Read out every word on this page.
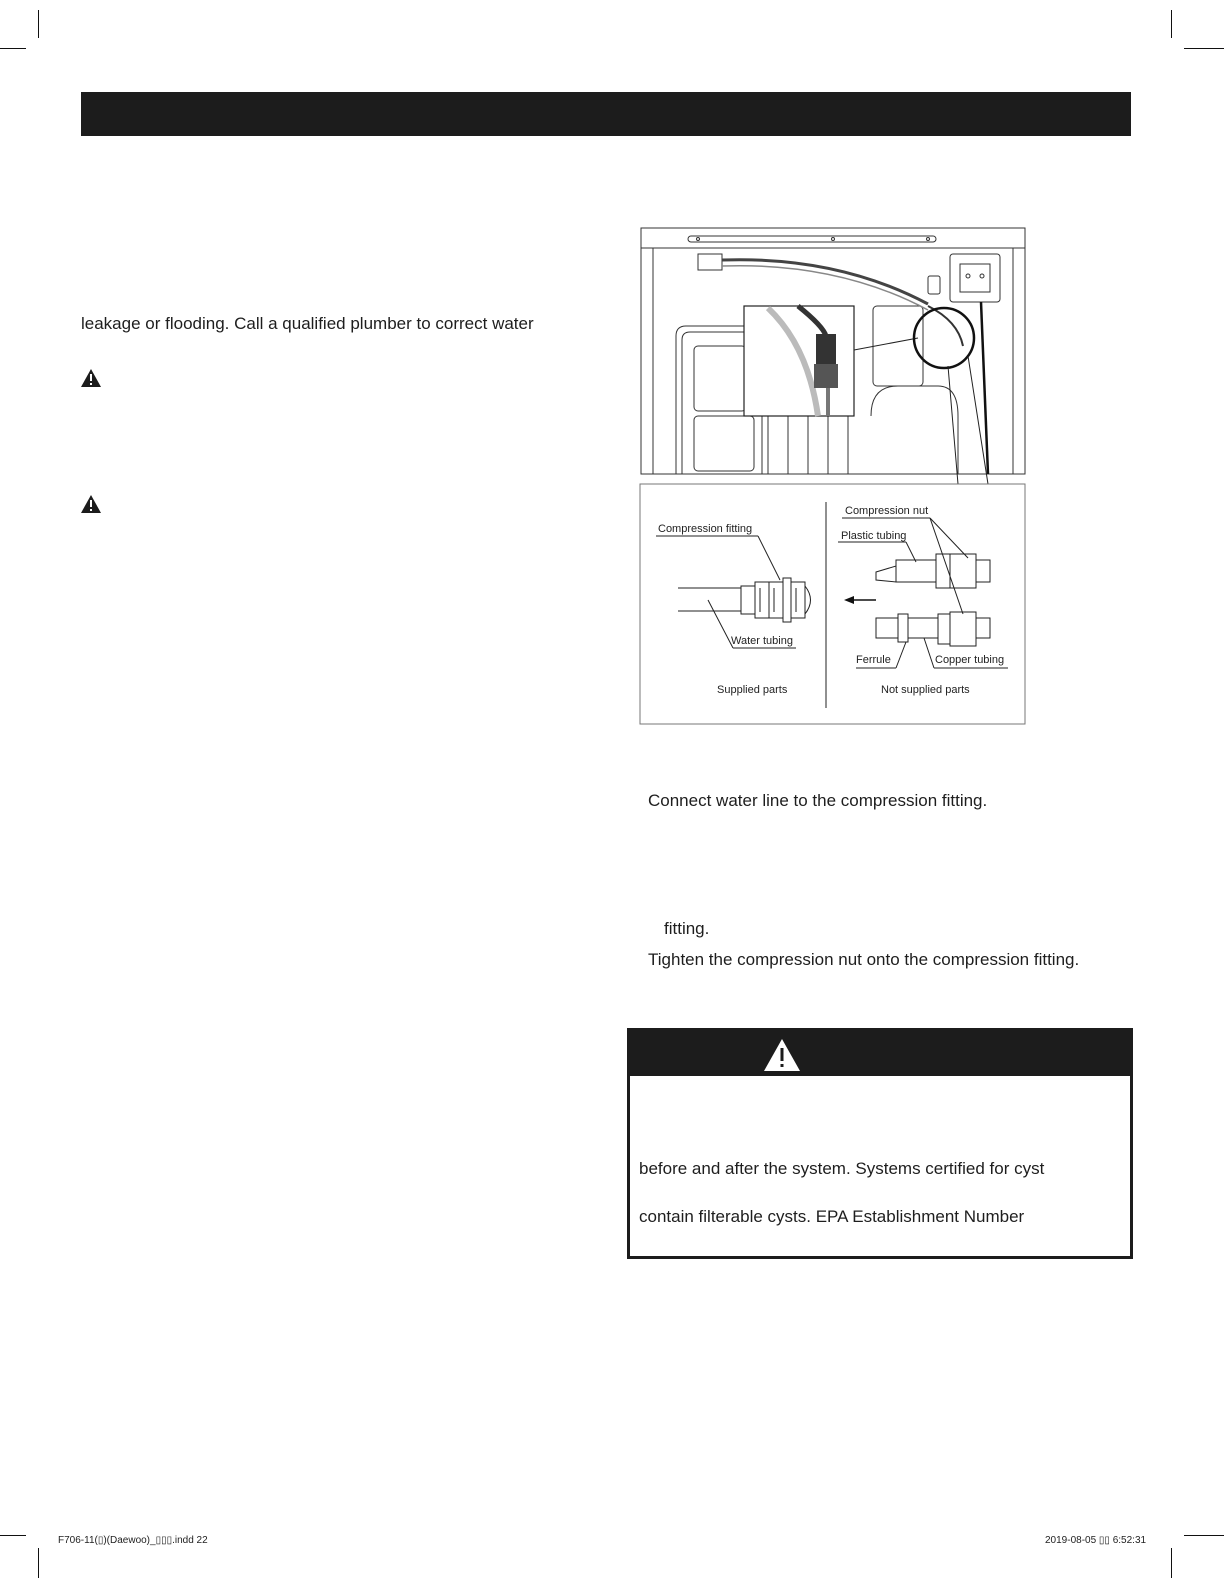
leakage or flooding. Call a qualified plumber to correct water
Compression fitting
Water tubing
Supplied parts
Compression nut
Plastic tubing
Ferrule	Copper tubing
Not supplied parts
Connect water line to the compression fitting.
fitting.
Tighten the compression nut onto the compression fitting.
before and after the system. Systems certified for cyst
contain filterable cysts. EPA Establishment Number
F706-11(▯)(Daewoo)_▯▯▯.indd 22	2019-08-05 ▯▯ 6:52:31
